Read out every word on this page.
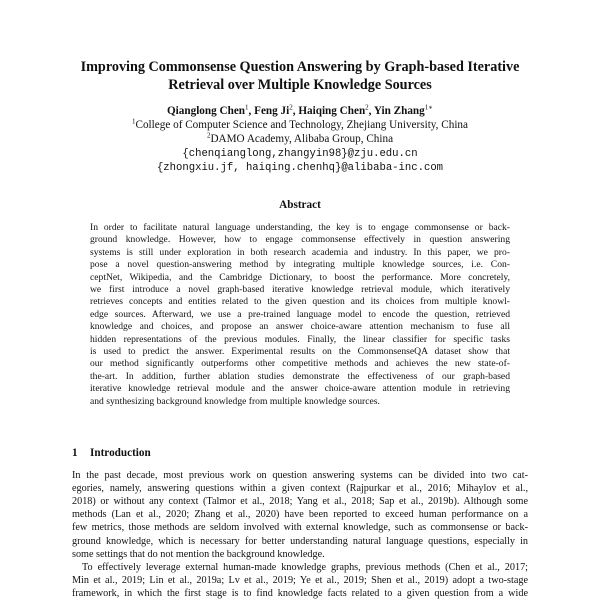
Improving Commonsense Question Answering by Graph-based Iterative
Retrieval over Multiple Knowledge Sources
Qianglong Chen$^1$, Feng Ji$^2$, Haiqing Chen$^2$, Yin Zhang$^{1∗}$
$^1$College of Computer Science and Technology, Zhejiang University, China
$^2$DAMO Academy, Alibaba Group, China
{chenqianglong,zhangyin98}@zju.edu.cn
{zhongxiu.jf, haiqing.chenhq}@alibaba-inc.com
Abstract
In order to facilitate natural language understanding, the key is to engage commonsense or back-
ground knowledge. However, how to engage commonsense effectively in question answering
systems is still under exploration in both research academia and industry. In this paper, we pro-
pose a novel question-answering method by integrating multiple knowledge sources, i.e. Con-
ceptNet, Wikipedia, and the Cambridge Dictionary, to boost the performance. More concretely,
we first introduce a novel graph-based iterative knowledge retrieval module, which iteratively
retrieves concepts and entities related to the given question and its choices from multiple knowl-
edge sources. Afterward, we use a pre-trained language model to encode the question, retrieved
knowledge and choices, and propose an answer choice-aware attention mechanism to fuse all
hidden representations of the previous modules. Finally, the linear classifier for specific tasks
is used to predict the answer. Experimental results on the CommonsenseQA dataset show that
our method significantly outperforms other competitive methods and achieves the new state-of-
the-art. In addition, further ablation studies demonstrate the effectiveness of our graph-based
iterative knowledge retrieval module and the answer choice-aware attention module in retrieving
and synthesizing background knowledge from multiple knowledge sources.
1 Introduction
In the past decade, most previous work on question answering systems can be divided into two cat-
egories, namely, answering questions within a given context (Rajpurkar et al., 2016; Mihaylov et al.,
2018) or without any context (Talmor et al., 2018; Yang et al., 2018; Sap et al., 2019b). Although some
methods (Lan et al., 2020; Zhang et al., 2020) have been reported to exceed human performance on a
few metrics, those methods are seldom involved with external knowledge, such as commonsense or back-
ground knowledge, which is necessary for better understanding natural language questions, especially in
some settings that do not mention the background knowledge.
To effectively leverage external human-made knowledge graphs, previous methods (Chen et al., 2017;
Min et al., 2019; Lin et al., 2019a; Lv et al., 2019; Ye et al., 2019; Shen et al., 2019) adopt a two-stage
framework, in which the first stage is to find knowledge facts related to a given question from a wide
